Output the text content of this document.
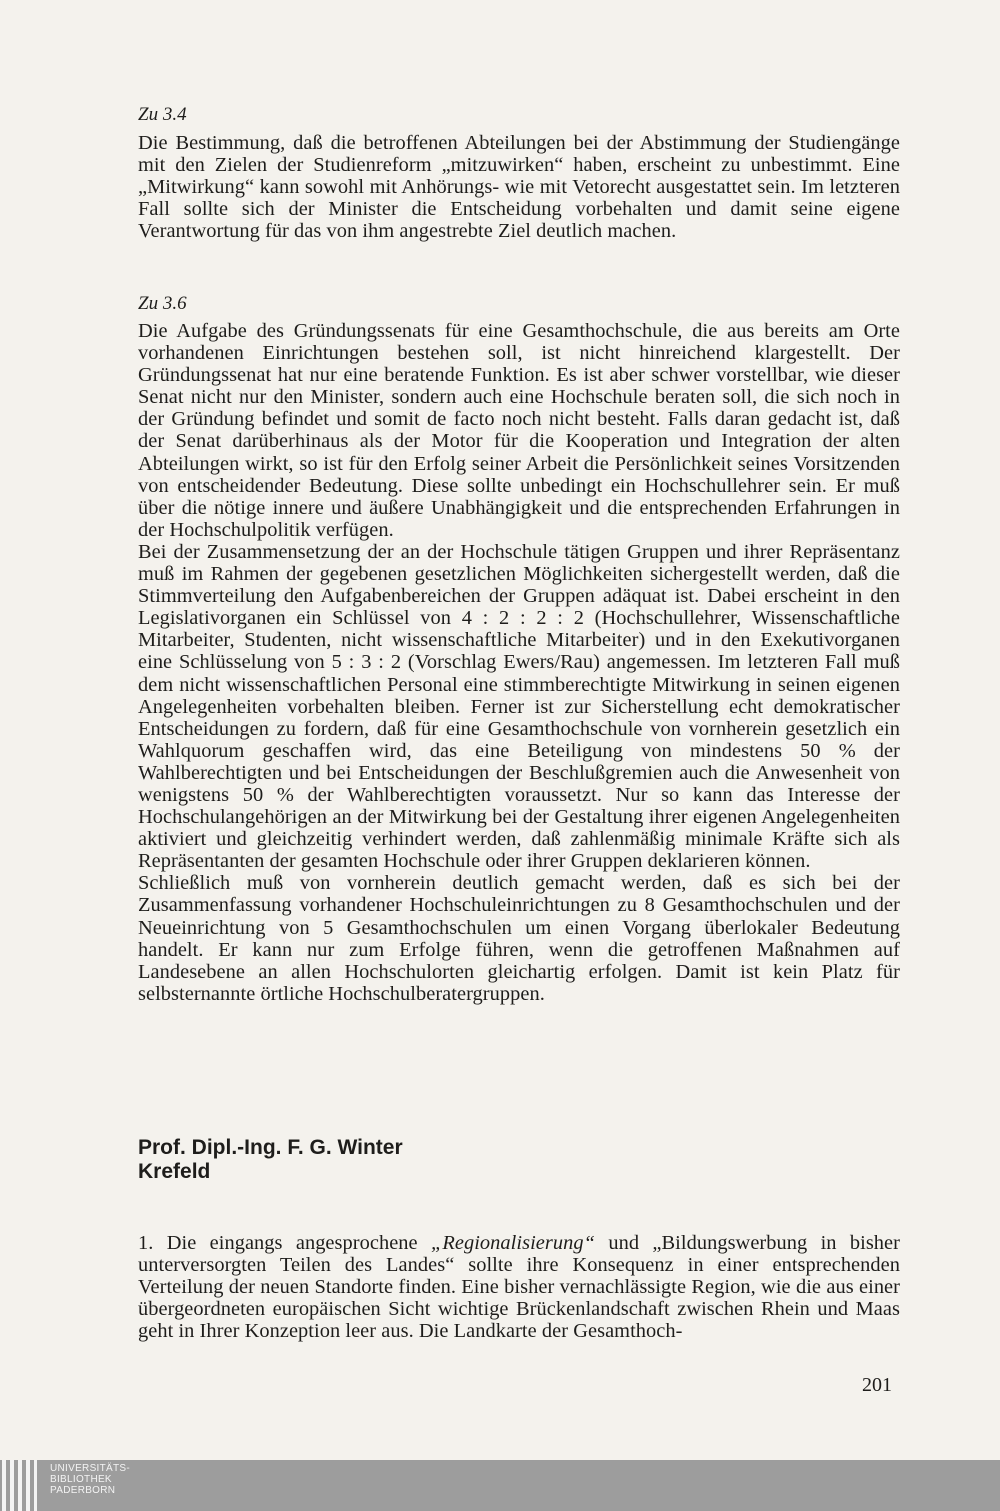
Zu 3.4

Die Bestimmung, daß die betroffenen Abteilungen bei der Abstimmung der Studiengänge mit den Zielen der Studienreform „mitzuwirken“ haben, erscheint zu unbestimmt. Eine „Mitwirkung“ kann sowohl mit Anhörungs- wie mit Vetorecht ausgestattet sein. Im letzteren Fall sollte sich der Minister die Entscheidung vorbehalten und damit seine eigene Verantwortung für das von ihm angestrebte Ziel deutlich machen.

Zu 3.6

Die Aufgabe des Gründungssenats für eine Gesamthochschule, die aus bereits am Orte vorhandenen Einrichtungen bestehen soll, ist nicht hinreichend klargestellt. Der Gründungssenat hat nur eine beratende Funktion. Es ist aber schwer vorstellbar, wie dieser Senat nicht nur den Minister, sondern auch eine Hochschule beraten soll, die sich noch in der Gründung befindet und somit de facto noch nicht besteht. Falls daran gedacht ist, daß der Senat darüberhinaus als der Motor für die Kooperation und Integration der alten Abteilungen wirkt, so ist für den Erfolg seiner Arbeit die Persönlichkeit seines Vorsitzenden von entscheidender Bedeutung. Diese sollte unbedingt ein Hochschullehrer sein. Er muß über die nötige innere und äußere Unabhängigkeit und die entsprechenden Erfahrungen in der Hochschulpolitik verfügen.

Bei der Zusammensetzung der an der Hochschule tätigen Gruppen und ihrer Repräsentanz muß im Rahmen der gegebenen gesetzlichen Möglichkeiten sichergestellt werden, daß die Stimmverteilung den Aufgabenbereichen der Gruppen adäquat ist. Dabei erscheint in den Legislativorganen ein Schlüssel von 4 : 2 : 2 : 2 (Hochschullehrer, Wissenschaftliche Mitarbeiter, Studenten, nicht wissenschaftliche Mitarbeiter) und in den Exekutivorganen eine Schlüsselung von 5 : 3 : 2 (Vorschlag Ewers/Rau) angemessen. Im letzteren Fall muß dem nicht wissenschaftlichen Personal eine stimmberechtigte Mitwirkung in seinen eigenen Angelegenheiten vorbehalten bleiben. Ferner ist zur Sicherstellung echt demokratischer Entscheidungen zu fordern, daß für eine Gesamthochschule von vornherein gesetzlich ein Wahlquorum geschaffen wird, das eine Beteiligung von mindestens 50 % der Wahlberechtigten und bei Entscheidungen der Beschlußgremien auch die Anwesenheit von wenigstens 50 % der Wahlberechtigten voraussetzt. Nur so kann das Interesse der Hochschulangehörigen an der Mitwirkung bei der Gestaltung ihrer eigenen Angelegenheiten aktiviert und gleichzeitig verhindert werden, daß zahlenmäßig minimale Kräfte sich als Repräsentanten der gesamten Hochschule oder ihrer Gruppen deklarieren können.

Schließlich muß von vornherein deutlich gemacht werden, daß es sich bei der Zusammenfassung vorhandener Hochschuleinrichtungen zu 8 Gesamthochschulen und der Neueinrichtung von 5 Gesamthochschulen um einen Vorgang überlokaler Bedeutung handelt. Er kann nur zum Erfolge führen, wenn die getroffenen Maßnahmen auf Landesebene an allen Hochschulorten gleichartig erfolgen. Damit ist kein Platz für selbsternannte örtliche Hochschulberatergruppen.

Prof. Dipl.-Ing. F. G. Winter

Krefeld

1. Die eingangs angesprochene „Regionalisierung“ und „Bildungswerbung in bisher unterversorgten Teilen des Landes“ sollte ihre Konsequenz in einer entsprechenden Verteilung der neuen Standorte finden. Eine bisher vernachlässigte Region, wie die aus einer übergeordneten europäischen Sicht wichtige Brückenlandschaft zwischen Rhein und Maas geht in Ihrer Konzeption leer aus. Die Landkarte der Gesamthoch-

201
UNIVERSITÄTS-
BIBLIOTHEK
PADERBORN
